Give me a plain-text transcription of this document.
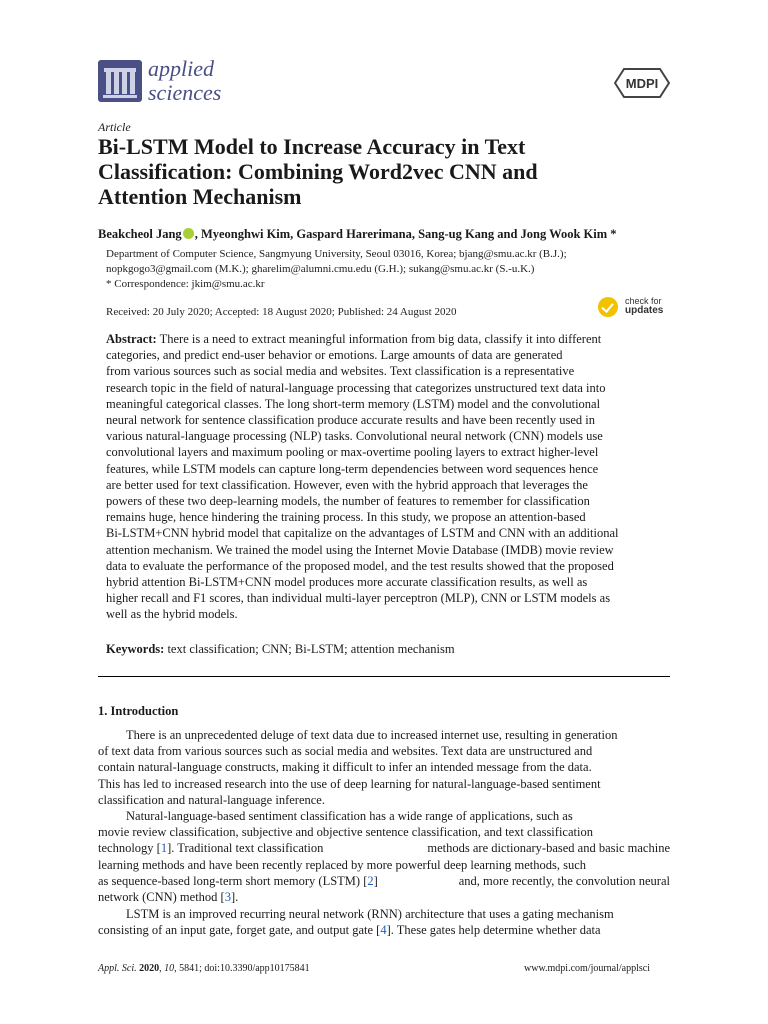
applied
sciences	MDPI
Article
Bi-LSTM Model to Increase Accuracy in Text
Classification: Combining Word2vec CNN and
Attention Mechanism
Beakcheol Jang , Myeonghwi Kim, Gaspard Harerimana, Sang-ug Kang and Jong Wook Kim *
Department of Computer Science, Sangmyung University, Seoul 03016, Korea; bjang@smu.ac.kr (B.J.);
nopkgogo3@gmail.com (M.K.); gharelim@alumni.cmu.edu (G.H.); sukang@smu.ac.kr (S.-u.K.)
* Correspondence: jkim@smu.ac.kr
Received: 20 July 2020; Accepted: 18 August 2020; Published: 24 August 2020
check for
updates
Abstract: There is a need to extract meaningful information from big data, classify it into different
categories, and predict end-user behavior or emotions. Large amounts of data are generated
from various sources such as social media and websites. Text classification is a representative
research topic in the field of natural-language processing that categorizes unstructured text data into
meaningful categorical classes. The long short-term memory (LSTM) model and the convolutional
neural network for sentence classification produce accurate results and have been recently used in
various natural-language processing (NLP) tasks. Convolutional neural network (CNN) models use
convolutional layers and maximum pooling or max-overtime pooling layers to extract higher-level
features, while LSTM models can capture long-term dependencies between word sequences hence
are better used for text classification. However, even with the hybrid approach that leverages the
powers of these two deep-learning models, the number of features to remember for classification
remains huge, hence hindering the training process. In this study, we propose an attention-based
Bi-LSTM+CNN hybrid model that capitalize on the advantages of LSTM and CNN with an additional
attention mechanism. We trained the model using the Internet Movie Database (IMDB) movie review
data to evaluate the performance of the proposed model, and the test results showed that the proposed
hybrid attention Bi-LSTM+CNN model produces more accurate classification results, as well as
higher recall and F1 scores, than individual multi-layer perceptron (MLP), CNN or LSTM models as
well as the hybrid models.
Keywords: text classification; CNN; Bi-LSTM; attention mechanism
1. Introduction
There is an unprecedented deluge of text data due to increased internet use, resulting in generation
of text data from various sources such as social media and websites. Text data are unstructured and
contain natural-language constructs, making it difficult to infer an intended message from the data.
This has led to increased research into the use of deep learning for natural-language-based sentiment
classification and natural-language inference.
Natural-language-based sentiment classification has a wide range of applications, such as
movie review classification, subjective and objective sentence classification, and text classification
technology [1]. Traditional text classification	methods are dictionary-based and basic machine
learning methods and have been recently replaced by more powerful deep learning methods, such
as sequence-based long-term short memory (LSTM) [2]	and, more recently, the convolution neural
network (CNN) method [ 3 ].
LSTM is an improved recurring neural network (RNN) architecture that uses a gating mechanism
consisting of an input gate, forget gate, and output gate [4]. These gates help determine whether data
Appl. Sci. 2020, 10, 5841; doi:10.3390/app10175841	www.mdpi.com/journal/applsci
